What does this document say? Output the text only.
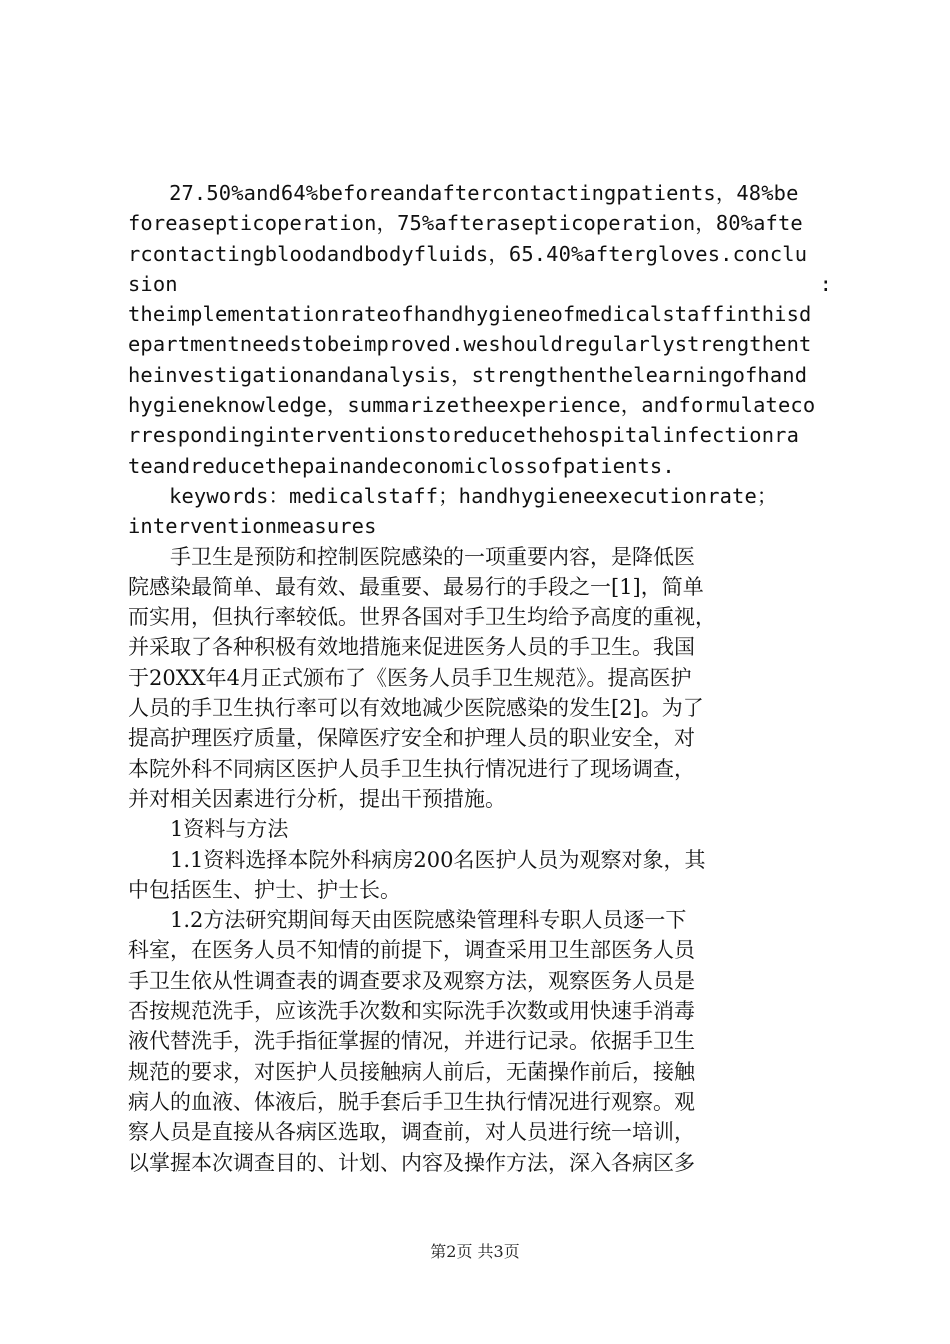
　　27.50%and64%beforeandaftercontactingpatients，48%be
foreasepticoperation，75%afterasepticoperation，80%afte
rcontactingbloodandbodyfluids，65.40%aftergloves.conclu
sion	:
theimplementationrateofhandhygieneofmedicalstaffinthisd
epartmentneedstobeimproved.weshouldregularlystrengthent
heinvestigationandanalysis，strengthenthelearningofhand
hygieneknowledge，summarizetheexperience，andformulateco
rrespondinginterventionstoreducethehospitalinfectionra
teandreducethepainandeconomiclossofpatients.
　　keywords：medicalstaff；handhygieneexecutionrate；
interventionmeasures
　　手卫生是预防和控制医院感染的一项重要内容，是降低医
院感染最简单、最有效、最重要、最易行的手段之一[1]，简单
而实用，但执行率较低。世界各国对手卫生均给予高度的重视，
并采取了各种积极有效地措施来促进医务人员的手卫生。我国
于20XX年4月正式颁布了《医务人员手卫生规范》。提高医护
人员的手卫生执行率可以有效地减少医院感染的发生[2]。为了
提高护理医疗质量，保障医疗安全和护理人员的职业安全，对
本院外科不同病区医护人员手卫生执行情况进行了现场调查，
并对相关因素进行分析，提出干预措施。
　　1资料与方法
　　1.1资料选择本院外科病房200名医护人员为观察对象，其
中包括医生、护士、护士长。
　　1.2方法研究期间每天由医院感染管理科专职人员逐一下
科室，在医务人员不知情的前提下，调查采用卫生部医务人员
手卫生依从性调查表的调查要求及观察方法，观察医务人员是
否按规范洗手，应该洗手次数和实际洗手次数或用快速手消毒
液代替洗手，洗手指征掌握的情况，并进行记录。依据手卫生
规范的要求，对医护人员接触病人前后，无菌操作前后，接触
病人的血液、体液后，脱手套后手卫生执行情况进行观察。观
察人员是直接从各病区选取，调查前，对人员进行统一培训，
以掌握本次调查目的、计划、内容及操作方法，深入各病区多
第2页 共3页
